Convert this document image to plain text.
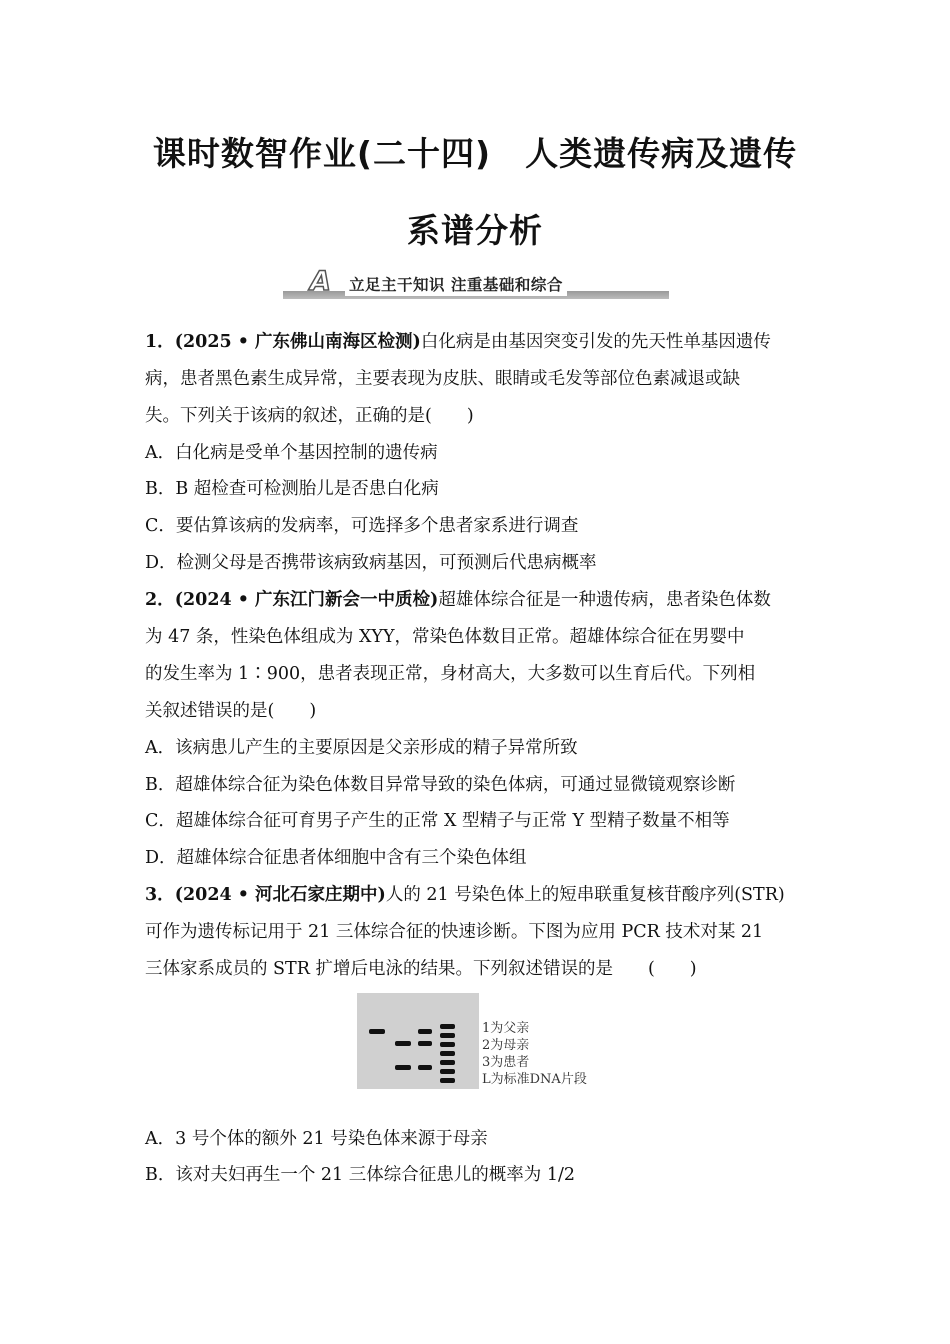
课时数智作业(二十四)　人类遗传病及遗传
系谱分析
A 立足主干知识 注重基础和综合
1．(2025 • 广东佛山南海区检测)白化病是由基因突变引发的先天性单基因遗传
病，患者黑色素生成异常，主要表现为皮肤、眼睛或毛发等部位色素减退或缺
失。下列关于该病的叙述，正确的是(　　)
A．白化病是受单个基因控制的遗传病
B．B 超检查可检测胎儿是否患白化病
C．要估算该病的发病率，可选择多个患者家系进行调查
D．检测父母是否携带该病致病基因，可预测后代患病概率
2．(2024 • 广东江门新会一中质检)超雄体综合征是一种遗传病，患者染色体数
为 47 条，性染色体组成为 XYY，常染色体数目正常。超雄体综合征在男婴中
的发生率为 1∶900，患者表现正常，身材高大，大多数可以生育后代。下列相
关叙述错误的是(　　)
A．该病患儿产生的主要原因是父亲形成的精子异常所致
B．超雄体综合征为染色体数目异常导致的染色体病，可通过显微镜观察诊断
C．超雄体综合征可育男子产生的正常 X 型精子与正常 Y 型精子数量不相等
D．超雄体综合征患者体细胞中含有三个染色体组
3．(2024 • 河北石家庄期中)人的 21 号染色体上的短串联重复核苷酸序列(STR)
可作为遗传标记用于 21 三体综合征的快速诊断。下图为应用 PCR 技术对某 21
三体家系成员的 STR 扩增后电泳的结果。下列叙述错误的是　　(　　)
1为父亲
2为母亲
3为患者
L为标准DNA片段
A．3 号个体的额外 21 号染色体来源于母亲
B．该对夫妇再生一个 21 三体综合征患儿的概率为 1/2
